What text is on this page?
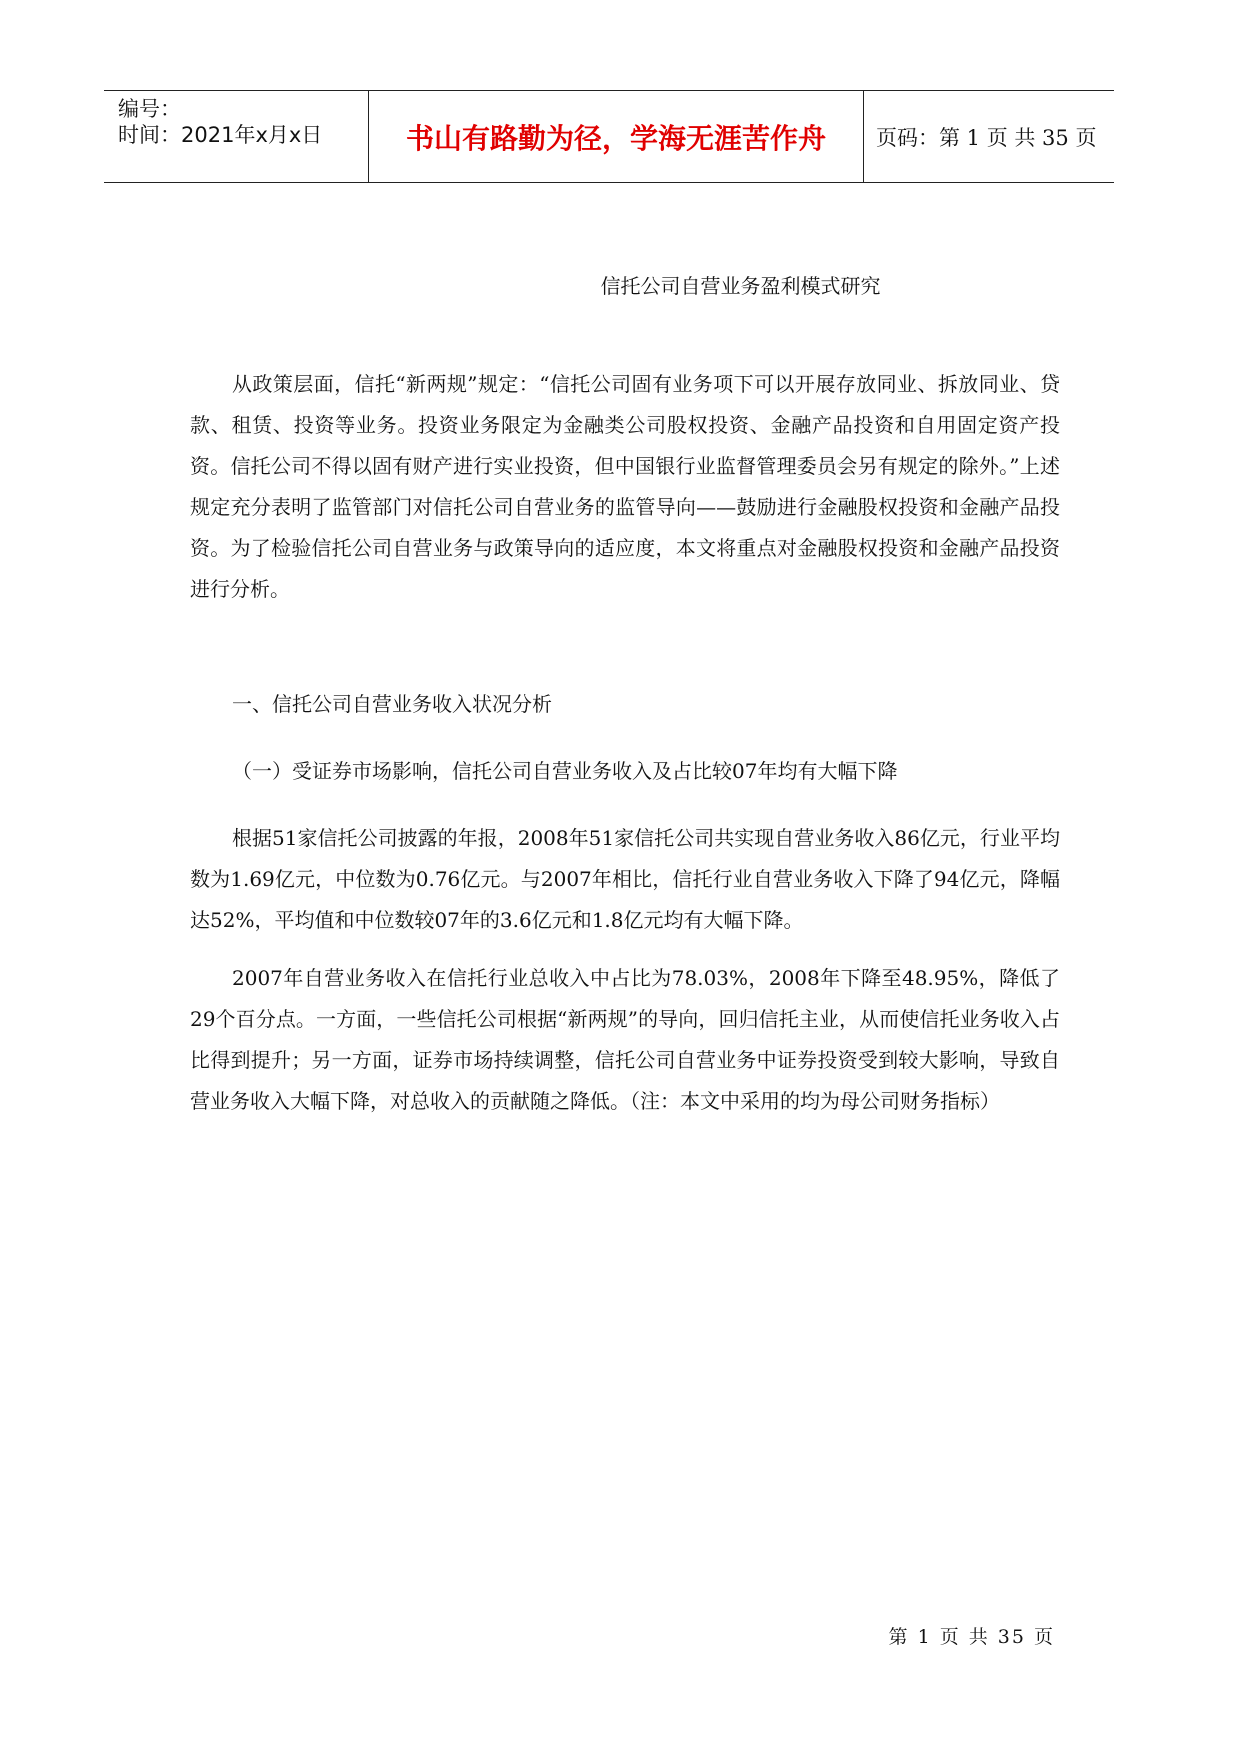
编号：
时间：2021年x月x日	书山有路勤为径，学海无涯苦作舟 页码：第 1 页 共 35 页
信托公司自营业务盈利模式研究

从政策层面，信托“新两规”规定：“信托公司固有业务项下可以开展存放同业、拆放同业、贷款、租赁、投资等业务。投资业务限定为金融类公司股权投资、金融产品投资和自用固定资产投资。信托公司不得以固有财产进行实业投资，但中国银行业监督管理委员会另有规定的除外。”上述规定充分表明了监管部门对信托公司自营业务的监管导向——鼓励进行金融股权投资和金融产品投资。为了检验信托公司自营业务与政策导向的适应度，本文将重点对金融股权投资和金融产品投资进行分析。

一、信托公司自营业务收入状况分析
（一）受证券市场影响，信托公司自营业务收入及占比较07年均有大幅下降

根据51家信托公司披露的年报，2008年51家信托公司共实现自营业务收入86亿元，行业平均数为1.69亿元，中位数为0.76亿元。与2007年相比，信托行业自营业务收入下降了94亿元，降幅达52%，平均值和中位数较07年的3.6亿元和1.8亿元均有大幅下降。

2007年自营业务收入在信托行业总收入中占比为78.03%，2008年下降至48.95%，降低了29个百分点。一方面，一些信托公司根据“新两规”的导向，回归信托主业，从而使信托业务收入占比得到提升；另一方面，证券市场持续调整，信托公司自营业务中证券投资受到较大影响，导致自营业务收入大幅下降，对总收入的贡献随之降低。（注：本文中采用的均为母公司财务指标）

第 1 页 共 35 页
